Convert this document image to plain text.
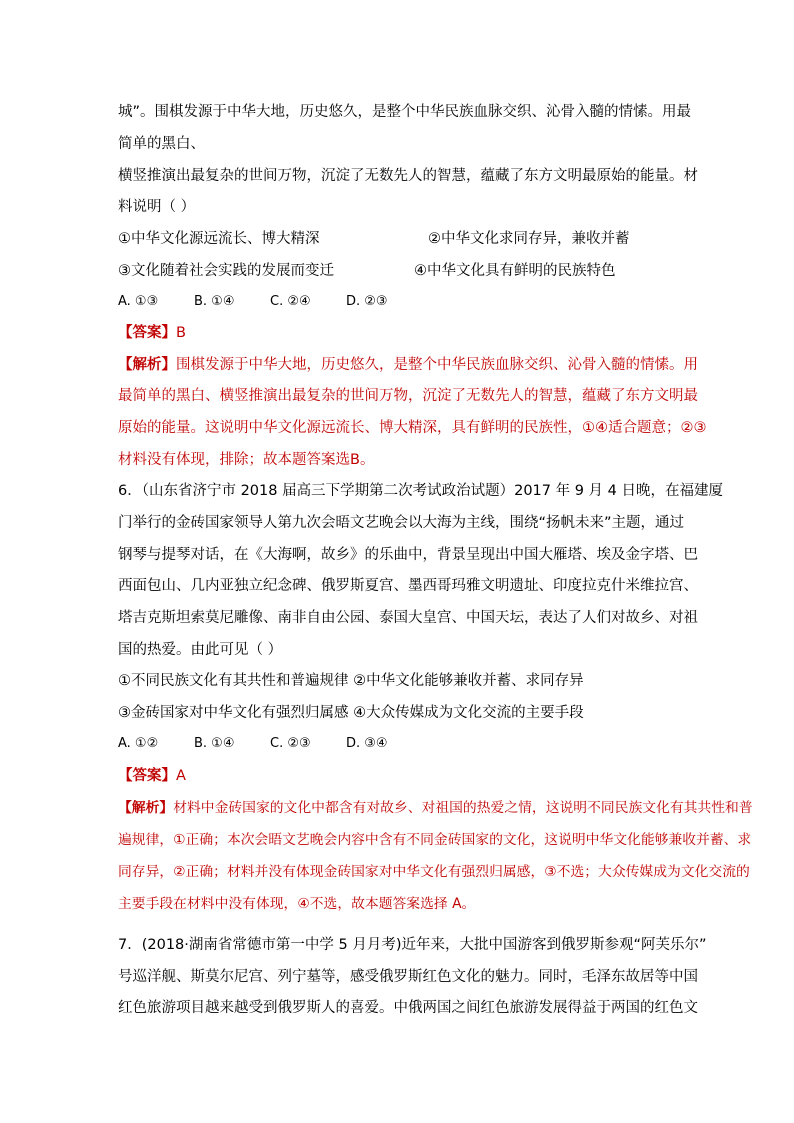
城”。围棋发源于中华大地，历史悠久，是整个中华民族血脉交织、沁骨入髓的情愫。用最
简单的黑白、
横竖推演出最复杂的世间万物，沉淀了无数先人的智慧，蕴藏了东方文明最原始的能量。材
料说明（ ）
①中华文化源远流长、博大精深	②中华文化求同存异，兼收并蓄
③文化随着社会实践的发展而变迁	④中华文化具有鲜明的民族特色
A. ①③	B. ①④	C. ②④	D. ②③
【答案】B
【解析】围棋发源于中华大地，历史悠久，是整个中华民族血脉交织、沁骨入髓的情愫。用
最简单的黑白、横竖推演出最复杂的世间万物，沉淀了无数先人的智慧，蕴藏了东方文明最
原始的能量。这说明中华文化源远流长、博大精深，具有鲜明的民族性，①④适合题意；②③
材料没有体现，排除；故本题答案选B。
6．（山东省济宁市 2018 届高三下学期第二次考试政治试题）2017 年 9 月 4 日晚，在福建厦
门举行的金砖国家领导人第九次会晤文艺晚会以大海为主线，围绕“扬帆未来”主题，通过
钢琴与提琴对话，在《大海啊，故乡》的乐曲中，背景呈现出中国大雁塔、埃及金字塔、巴
西面包山、几内亚独立纪念碑、俄罗斯夏宫、墨西哥玛雅文明遗址、印度拉克什米维拉宫、
塔吉克斯坦索莫尼雕像、南非自由公园、泰国大皇宫、中国天坛，表达了人们对故乡、对祖
国的热爱。由此可见（ ）
①不同民族文化有其共性和普遍规律 ②中华文化能够兼收并蓄、求同存异
③金砖国家对中华文化有强烈归属感 ④大众传媒成为文化交流的主要手段
A. ①②	B. ①④	C. ②③	D. ③④
【答案】A
【解析】材料中金砖国家的文化中都含有对故乡、对祖国的热爱之情，这说明不同民族文化有其共性和普
遍规律，①正确；本次会晤文艺晚会内容中含有不同金砖国家的文化，这说明中华文化能够兼收并蓄、求
同存异，②正确；材料并没有体现金砖国家对中华文化有强烈归属感，③不选；大众传媒成为文化交流的
主要手段在材料中没有体现，④不选，故本题答案选择 A。
7．(2018·湖南省常德市第一中学 5 月月考)近年来，大批中国游客到俄罗斯参观“阿芙乐尔”
号巡洋舰、斯莫尔尼宫、列宁墓等，感受俄罗斯红色文化的魅力。同时，毛泽东故居等中国
红色旅游项目越来越受到俄罗斯人的喜爱。中俄两国之间红色旅游发展得益于两国的红色文
